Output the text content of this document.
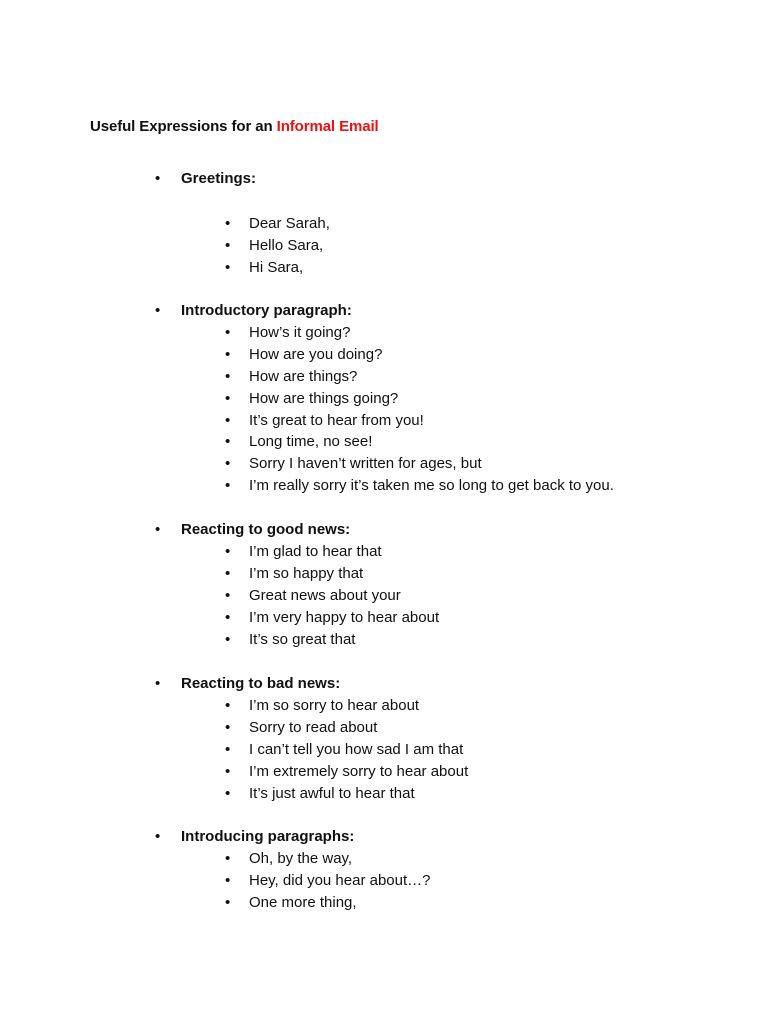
Useful Expressions for an Informal Email
•	Greetings:
• Dear Sarah,
• Hello Sara,
• Hi Sara,
•	Introductory paragraph:
• How’s it going?
• How are you doing?
• How are things?
• How are things going?
• It’s great to hear from you!
• Long time, no see!
• Sorry I haven’t written for ages, but
• I’m really sorry it’s taken me so long to get back to you.
•	Reacting to good news:
• I’m glad to hear that
• I’m so happy that
• Great news about your
• I’m very happy to hear about
• It’s so great that
•	Reacting to bad news:
• I’m so sorry to hear about
• Sorry to read about
• I can’t tell you how sad I am that
• I’m extremely sorry to hear about
• It’s just awful to hear that
•	Introducing paragraphs:
• Oh, by the way,
• Hey, did you hear about…?
• One more thing,
